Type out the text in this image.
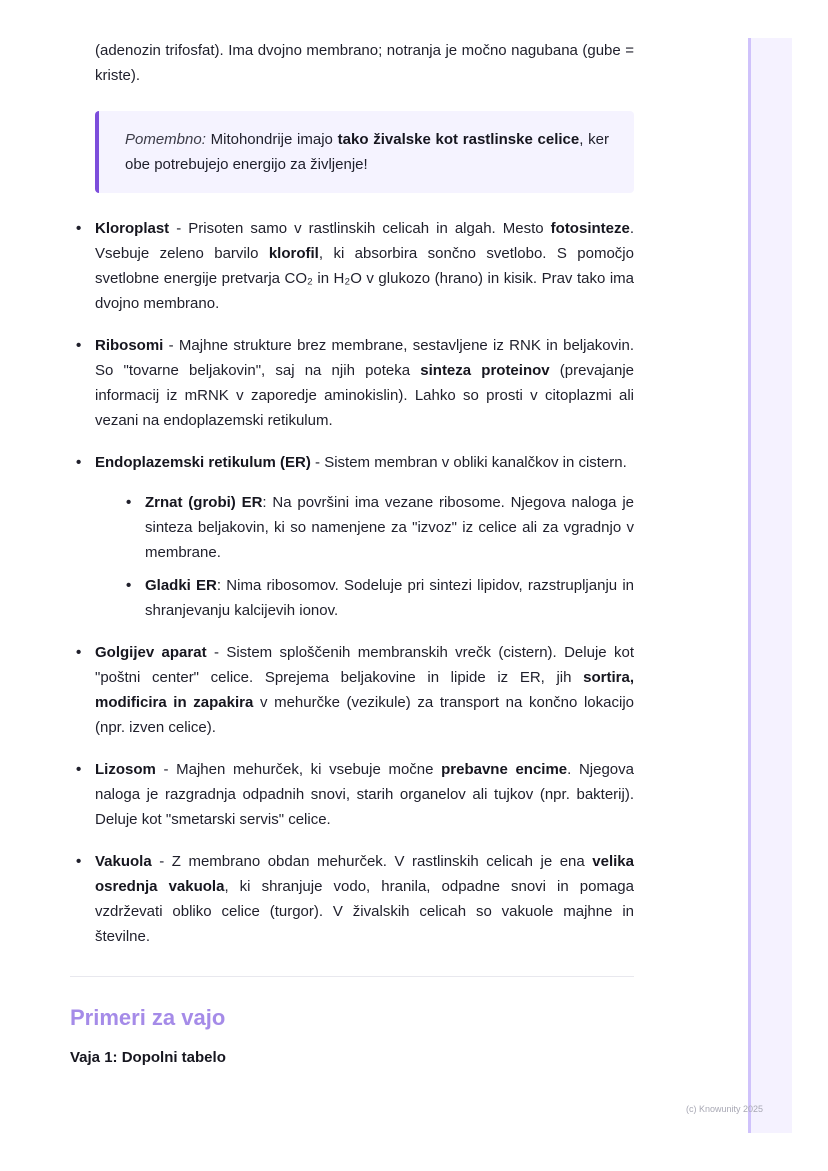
(adenozin trifosfat). Ima dvojno membrano; notranja je močno nagubana (gube = kriste).

Pomembno: Mitohondrije imajo tako živalske kot rastlinske celice, ker obe potrebujejo energijo za življenje!

• Kloroplast - Prisoten samo v rastlinskih celicah in algah. Mesto fotosinteze. Vsebuje zeleno barvilo klorofil, ki absorbira sončno svetlobo. S pomočjo svetlobne energije pretvarja CO₂ in H₂O v glukozo (hrano) in kisik. Prav tako ima dvojno membrano.
• Ribosomi - Majhne strukture brez membrane, sestavljene iz RNK in beljakovin. So "tovarne beljakovin", saj na njih poteka sinteza proteinov (prevajanje informacij iz mRNK v zaporedje aminokislin). Lahko so prosti v citoplazmi ali vezani na endoplazemski retikulum.
• Endoplazemski retikulum (ER) - Sistem membran v obliki kanalčkov in cistern.
• Zrnat (grobi) ER: Na površini ima vezane ribosome. Njegova naloga je sinteza beljakovin, ki so namenjene za "izvoz" iz celice ali za vgradnjo v membrane.
• Gladki ER: Nima ribosomov. Sodeluje pri sintezi lipidov, razstrupljanju in shranjevanju kalcijevih ionov.
• Golgijev aparat - Sistem sploščenih membranskih vrečk (cistern). Deluje kot "poštni center" celice. Sprejema beljakovine in lipide iz ER, jih sortira, modificira in zapakira v mehurčke (vezikule) za transport na končno lokacijo (npr. izven celice).
• Lizosom - Majhen mehurček, ki vsebuje močne prebavne encime. Njegova naloga je razgradnja odpadnih snovi, starih organelov ali tujkov (npr. bakterij). Deluje kot "smetarski servis" celice.
• Vakuola - Z membrano obdan mehurček. V rastlinskih celicah je ena velika osrednja vakuola, ki shranjuje vodo, hranila, odpadne snovi in pomaga vzdrževati obliko celice (turgor). V živalskih celicah so vakuole majhne in številne.
Primeri za vajo
Vaja 1: Dopolni tabelo
(c) Knowunity 2025
